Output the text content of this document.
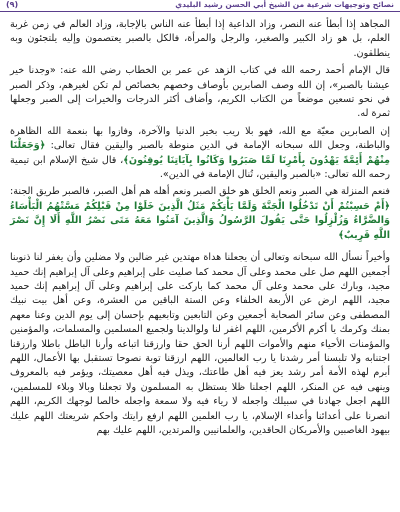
(٩)	نصائح وتوجيهات شرعية من الشيخ أبي الحسن رشيد البليدي

المجاهد إذا أبطأ عنه النصر، وزاد الداعية إذا أبطأ عنه الناس بالإجابة، وزاد العالم في زمن غربة العلم، بل هو زاد الكبير والصغير، والرجل والمرأة، فالكل بالصبر يعتصمون وإليه يلتجئون وبه ينطلقون.

قال الإمام أحمد رحمه الله في كتاب الزهد عن عمر بن الخطاب رضي الله عنه: «وجدنا خير عيشنا بالصبر»، إن الله وصف الصابرين بأوصاف وخصهم بخصائص لم تكن لغيرهم، وذكر الصبر في نحو تسعين موضعاً من الكتاب الكريم، وأضاف أكثر الدرجات والخيرات إلى الصبر وجعلها ثمرة له.

إن الصابرين معيّة مع الله، فهو بلا ريب بخير الدنيا والآخرة، وفازوا بها بنعمة الله الظاهرة والباطنة، وجعل الله سبحانه الإمامة في الدين منوطة بالصبر واليقين فقال تعالى: ﴿وَجَعَلْنَا مِنْهُمْ أَئِمَّةً يَهْدُونَ بِأَمْرِنَا لَمَّا صَبَرُوا وَكَانُوا بِآيَاتِنَا يُوقِنُونَ﴾، قال شيخ الإسلام ابن تيمية رحمه الله تعالى: «بالصبر واليقين، تُنال الإمامة في الدين».

فنعم المنزلة هي الصبر ونعم الخلق هو خلق الصبر ونعم أهله هم أهل الصبر، فالصبر طريق الجنة: ﴿أَمْ حَسِبْتُمْ أَنْ تَدْخُلُوا الْجَنَّةَ وَلَمَّا يَأْتِكُمْ مَثَلُ الَّذِينَ خَلَوْا مِنْ قَبْلِكُمْ مَسَّتْهُمُ الْبَأْسَاءُ وَالضَّرَّاءُ وَزُلْزِلُوا حَتَّى يَقُولَ الرَّسُولُ وَالَّذِينَ آمَنُوا مَعَهُ مَتَى نَصْرُ اللَّهِ أَلَا إِنَّ نَصْرَ اللَّهِ قَرِيبٌ﴾

وأخيراً نسأل الله سبحانه وتعالى أن يجعلنا هداة مهتدين غير ضالين ولا مضلين وأن يغفر لنا ذنوبنا أجمعين اللهم صل على محمد وعلى آل محمد كما صليت على إبراهيم وعلى آل إبراهيم إنك حميد مجيد، وبارك على محمد وعلى آل محمد كما باركت على إبراهيم وعلى آل إبراهيم إنك حميد مجيد، اللهم ارض عن الأربعة الخلفاء وعن الستة الباقين من العشرة، وعن أهل بيت نبيك المصطفى وعن سائر الصحابة أجمعين وعن التابعين وتابعيهم بإحسان إلى يوم الدين وعنا معهم بمنك وكرمك يا أكرم الأكرمين، اللهم اغفر لنا ولوالدينا ولجميع المسلمين والمسلمات، والمؤمنين والمؤمنات الأحياء منهم والأموات اللهم أرنا الحق حقا وارزقنا اتباعه وأرنا الباطل باطلا وارزقنا اجتنابه ولا تلبسنا أمر رشدنا يا رب العالمين، اللهم ارزقنا توبة نصوحا تستقبل بها الأعمال، اللهم أبرم لهذه الأمة أمر رشد يعز فيه أهل طاعتك، ويذل فيه أهل معصيتك، ويؤمر فيه بالمعروف وينهى فيه عن المنكر، اللهم اجعلنا ظلا يستظل به المسلمون ولا تجعلنا وبالا وبلاء للمسلمين، اللهم اجعل جهادنا في سبيلك واجعله لا رياء فيه ولا سمعة واجعله خالصا لوجهك الكريم، اللهم انصرنا على أعدائنا وأعداء الإسلام، يا رب العلمين اللهم ارفع رايتك واحكم شريعتك اللهم عليك بيهود الغاصبين والأمريكان الحاقدين، والعلمانيين والمرتدين، اللهم عليك بهم
